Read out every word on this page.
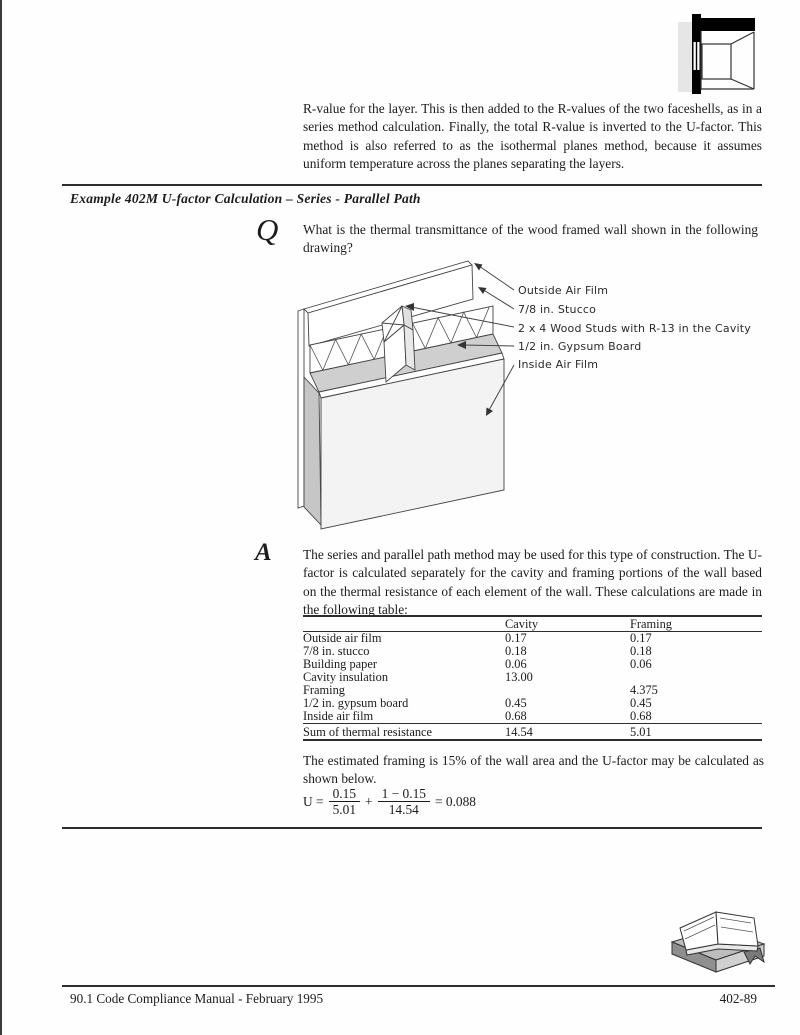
R-value for the layer. This is then added to the R-values of the two faceshells, as in a series method calculation. Finally, the total R-value is inverted to the U-factor. This method is also referred to as the isothermal planes method, because it assumes uniform temperature across the planes separating the layers.
Example 402M U-factor Calculation – Series - Parallel Path
Q What is the thermal transmittance of the wood framed wall shown in the following drawing?
Outside Air Film
7/8 in. Stucco
2 x 4 Wood Studs with R-13 in the Cavity
1/2 in. Gypsum Board
Inside Air Film
A The series and parallel path method may be used for this type of construction. The U-factor is calculated separately for the cavity and framing portions of the wall based on the thermal resistance of each element of the wall. These calculations are made in the following table:
	Cavity	Framing
Outside air film	0.17	0.17
7/8 in. stucco	0.18	0.18
Building paper	0.06	0.06
Cavity insulation	13.00	
Framing		4.375
1/2 in. gypsum board	0.45	0.45
Inside air film	0.68	0.68
Sum of thermal resistance	14.54	5.01
The estimated framing is 15% of the wall area and the U-factor may be calculated as shown below.
$U = \frac{0.15}{5.01} + \frac{1 - 0.15}{14.54} = 0.088$
90.1 Code Compliance Manual - February 1995	402-89
